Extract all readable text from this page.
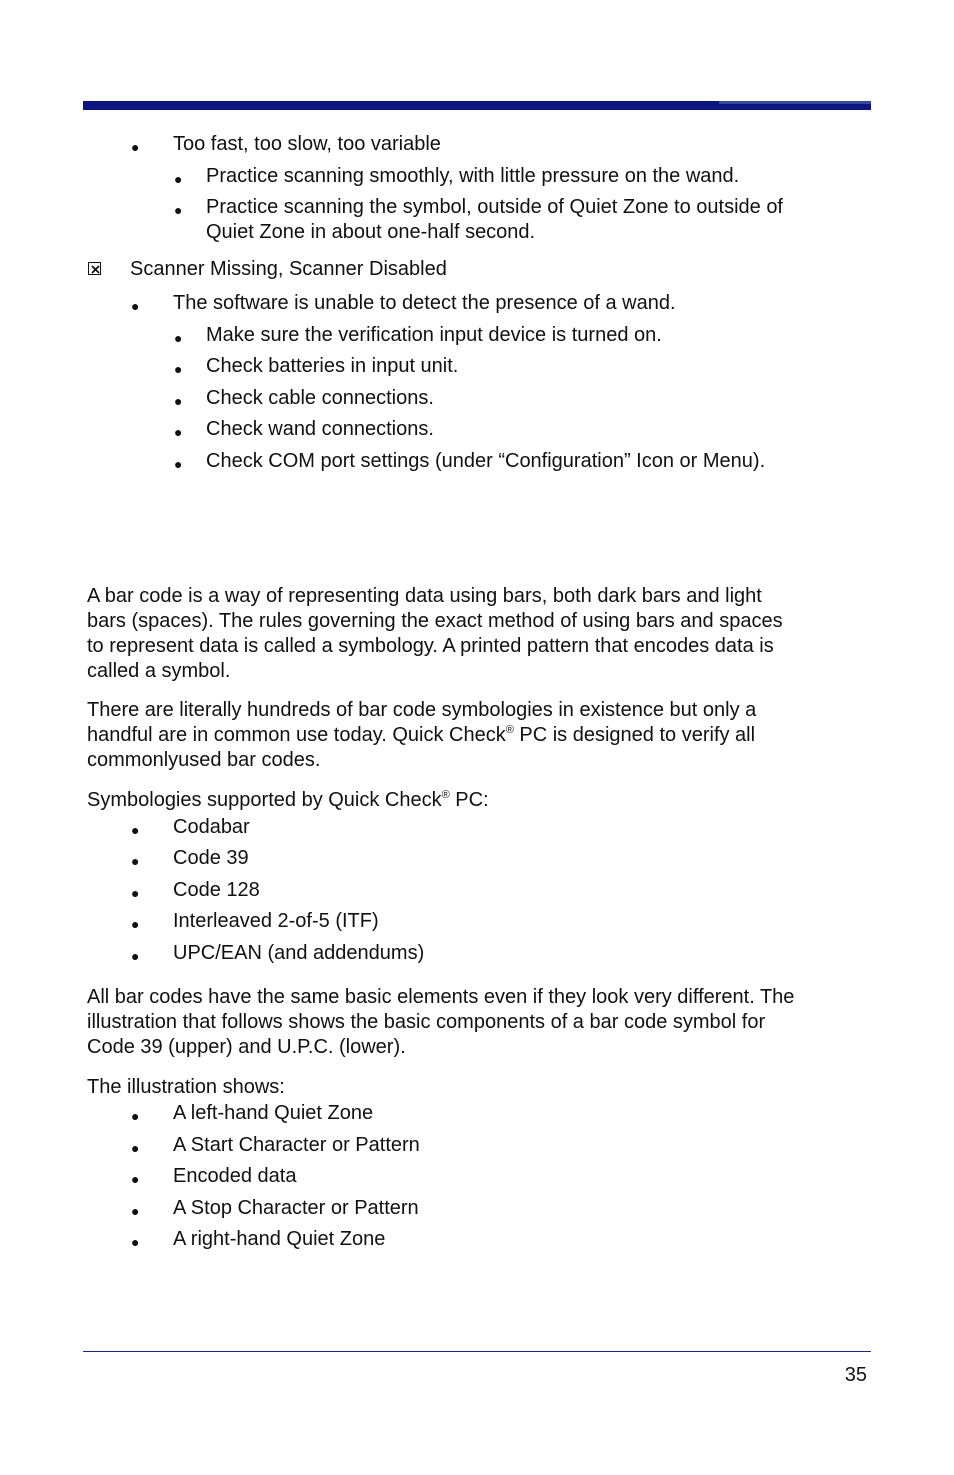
● Too fast, too slow, too variable
● Practice scanning smoothly, with little pressure on the wand.
● Practice scanning the symbol, outside of Quiet Zone to outside of
Quiet Zone in about one-half second.
Scanner Missing, Scanner Disabled
● The software is unable to detect the presence of a wand.
● Make sure the verification input device is turned on.
● Check batteries in input unit.
● Check cable connections.
● Check wand connections.
● Check COM port settings (under “Configuration” Icon or Menu).
A bar code is a way of representing data using bars, both dark bars and light
bars (spaces). The rules governing the exact method of using bars and spaces
to represent data is called a symbology. A printed pattern that encodes data is
called a symbol.
There are literally hundreds of bar code symbologies in existence but only a
handful are in common use today. Quick Check® PC is designed to verify all
commonlyused bar codes.
Symbologies supported by Quick Check® PC:
● Codabar
● Code 39
● Code 128
● Interleaved 2-of-5 (ITF)
● UPC/EAN (and addendums)
All bar codes have the same basic elements even if they look very different. The
illustration that follows shows the basic components of a bar code symbol for
Code 39 (upper) and U.P.C. (lower).
The illustration shows:
● A left-hand Quiet Zone
● A Start Character or Pattern
● Encoded data
● A Stop Character or Pattern
● A right-hand Quiet Zone
35
